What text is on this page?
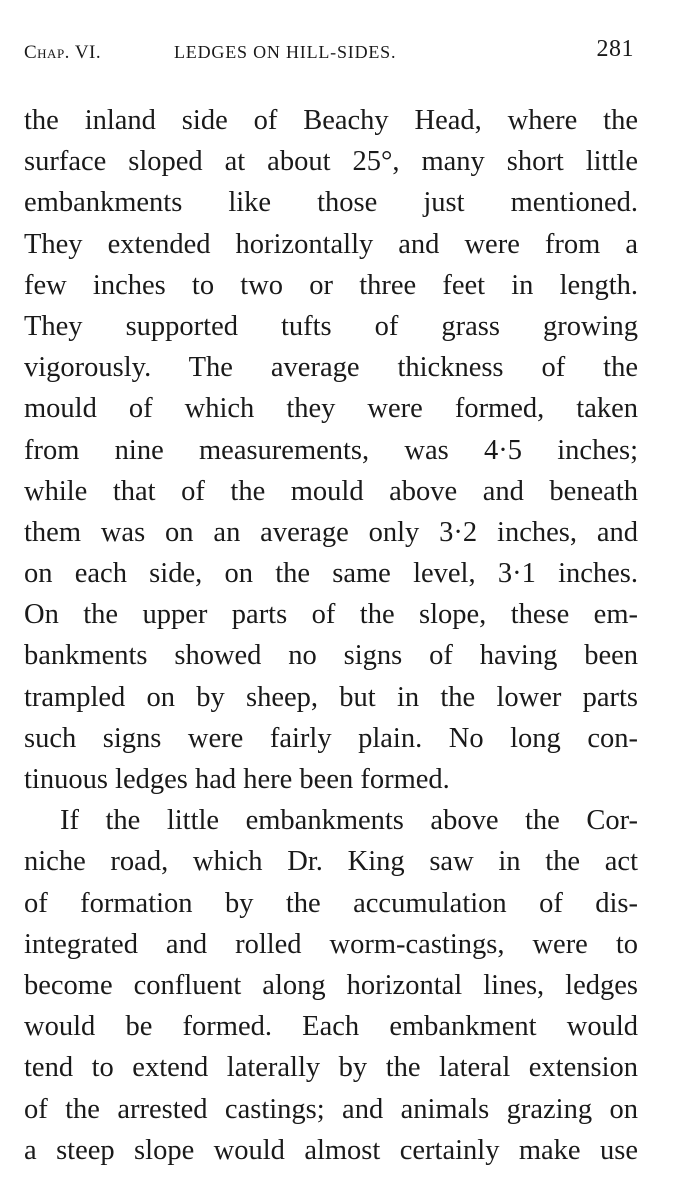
Chap. VI.	LEDGES ON HILL-SIDES.	281
the inland side of Beachy Head, where the
surface sloped at about 25°, many short little
embankments like those just mentioned.
They extended horizontally and were from a
few inches to two or three feet in length.
They supported tufts of grass growing
vigorously. The average thickness of the
mould of which they were formed, taken
from nine measurements, was 4·5 inches;
while that of the mould above and beneath
them was on an average only 3·2 inches, and
on each side, on the same level, 3·1 inches.
On the upper parts of the slope, these em-
bankments showed no signs of having been
trampled on by sheep, but in the lower parts
such signs were fairly plain. No long con-
tinuous ledges had here been formed.
If the little embankments above the Cor-
niche road, which Dr. King saw in the act
of formation by the accumulation of dis-
integrated and rolled worm-castings, were to
become confluent along horizontal lines, ledges
would be formed. Each embankment would
tend to extend laterally by the lateral extension
of the arrested castings; and animals grazing on
a steep slope would almost certainly make use
